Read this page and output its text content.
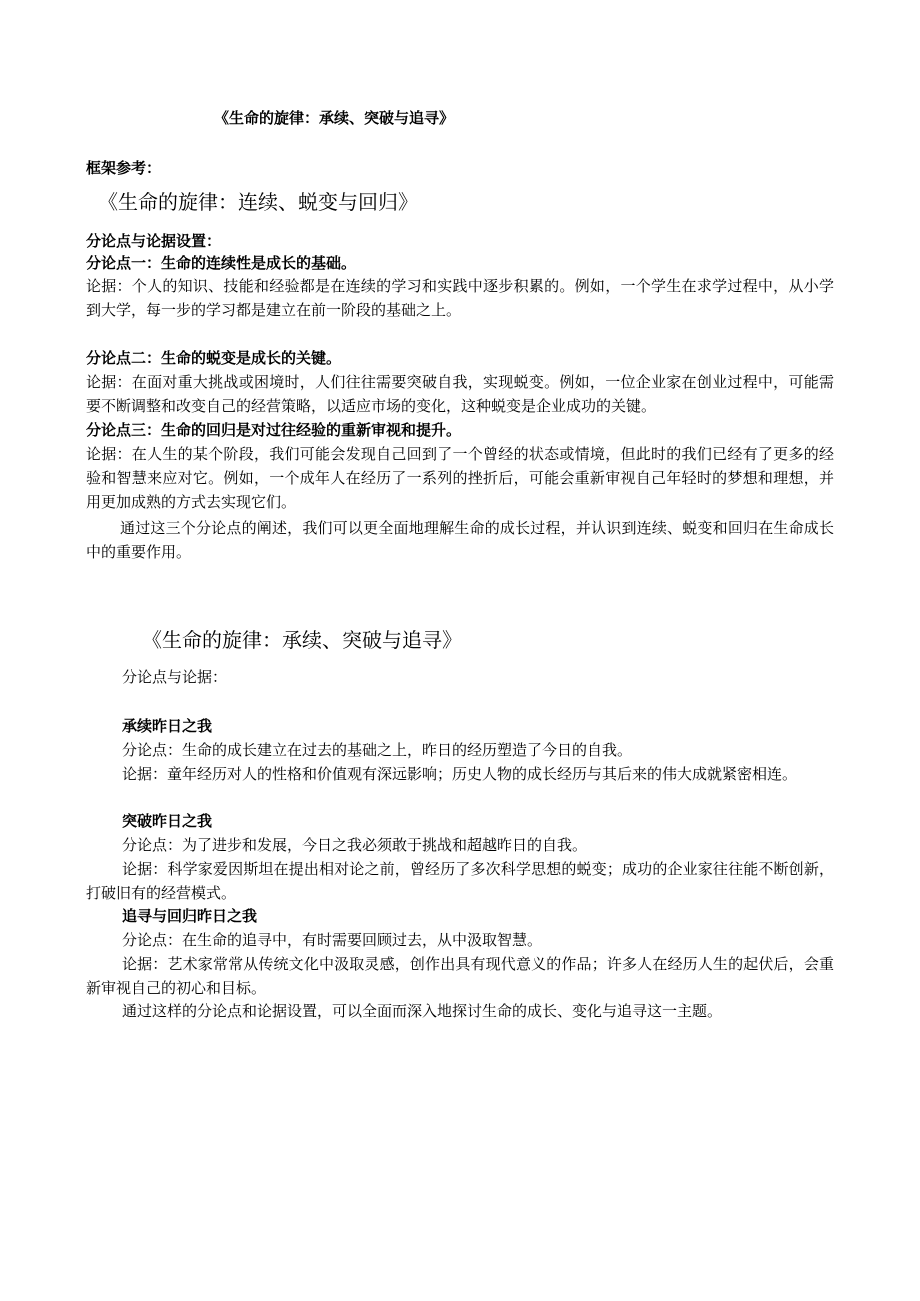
《生命的旋律：承续、突破与追寻》
框架参考：
《生命的旋律：连续、蜕变与回归》
分论点与论据设置：
分论点一：生命的连续性是成长的基础。
论据：个人的知识、技能和经验都是在连续的学习和实践中逐步积累的。例如，一个学生在求学过程中，从小学到大学，每一步的学习都是建立在前一阶段的基础之上。
分论点二：生命的蜕变是成长的关键。
论据：在面对重大挑战或困境时，人们往往需要突破自我，实现蜕变。例如，一位企业家在创业过程中，可能需要不断调整和改变自己的经营策略，以适应市场的变化，这种蜕变是企业成功的关键。
分论点三：生命的回归是对过往经验的重新审视和提升。
论据：在人生的某个阶段，我们可能会发现自己回到了一个曾经的状态或情境，但此时的我们已经有了更多的经验和智慧来应对它。例如，一个成年人在经历了一系列的挫折后，可能会重新审视自己年轻时的梦想和理想，并用更加成熟的方式去实现它们。
通过这三个分论点的阐述，我们可以更全面地理解生命的成长过程，并认识到连续、蜕变和回归在生命成长中的重要作用。
《生命的旋律：承续、突破与追寻》
分论点与论据：
承续昨日之我
分论点：生命的成长建立在过去的基础之上，昨日的经历塑造了今日的自我。
论据：童年经历对人的性格和价值观有深远影响；历史人物的成长经历与其后来的伟大成就紧密相连。
突破昨日之我
分论点：为了进步和发展，今日之我必须敢于挑战和超越昨日的自我。
论据：科学家爱因斯坦在提出相对论之前，曾经历了多次科学思想的蜕变；成功的企业家往往能不断创新，打破旧有的经营模式。
追寻与回归昨日之我
分论点：在生命的追寻中，有时需要回顾过去，从中汲取智慧。
论据：艺术家常常从传统文化中汲取灵感，创作出具有现代意义的作品；许多人在经历人生的起伏后，会重新审视自己的初心和目标。
通过这样的分论点和论据设置，可以全面而深入地探讨生命的成长、变化与追寻这一主题。
